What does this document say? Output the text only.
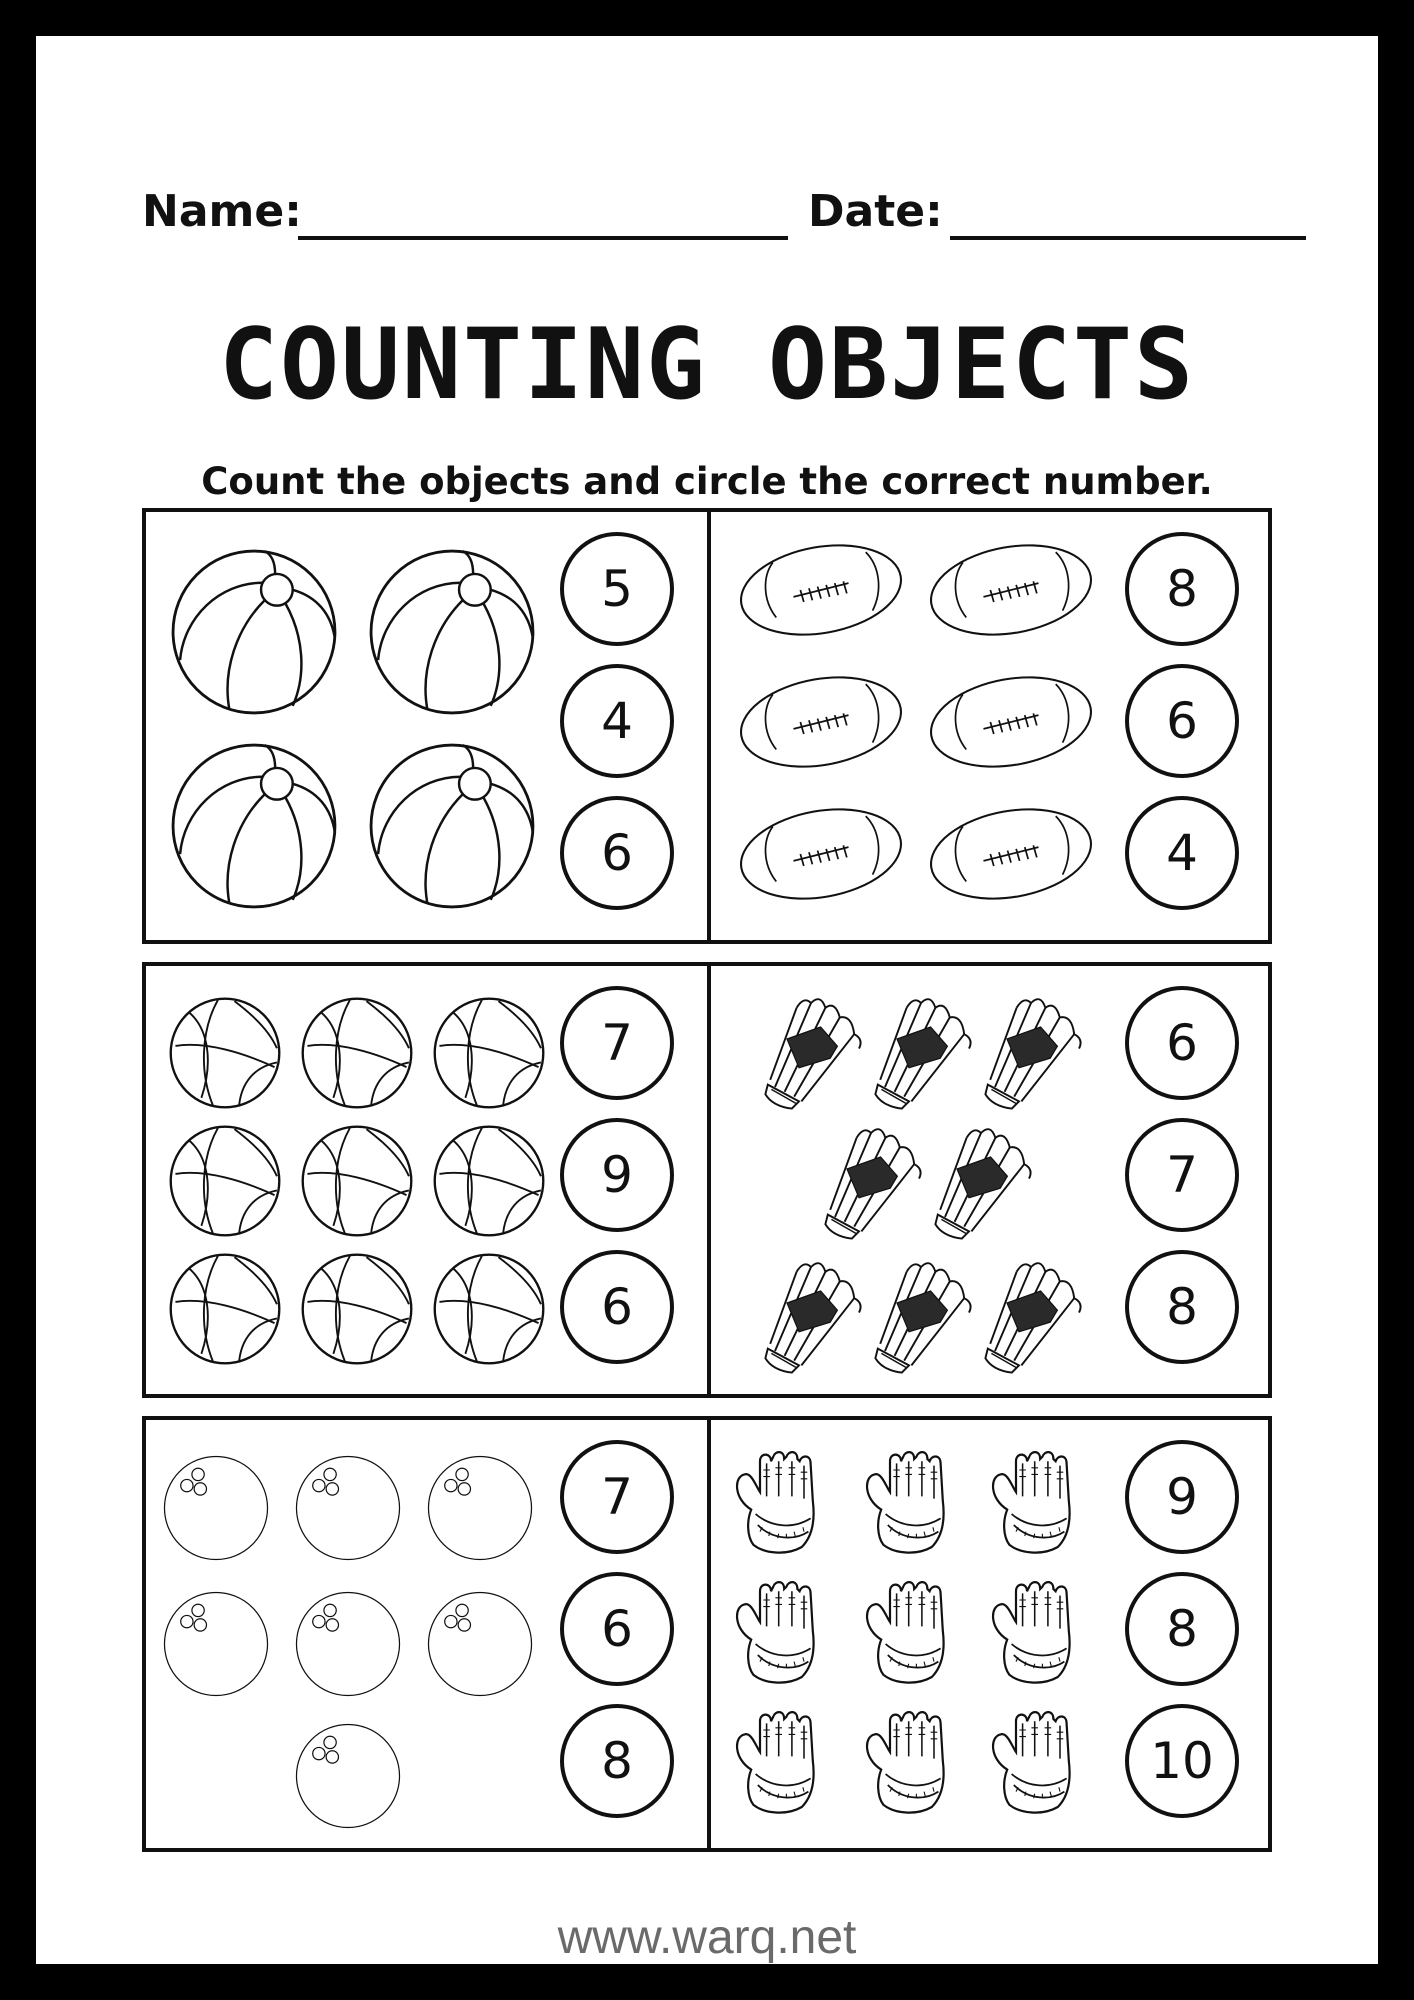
Name:	Date:
COUNTING OBJECTS
Count the objects and circle the correct number.
www.warq.net
5
4
6
8
6
4
7
9
6
6
7
8
7
6
8
9
8
10
